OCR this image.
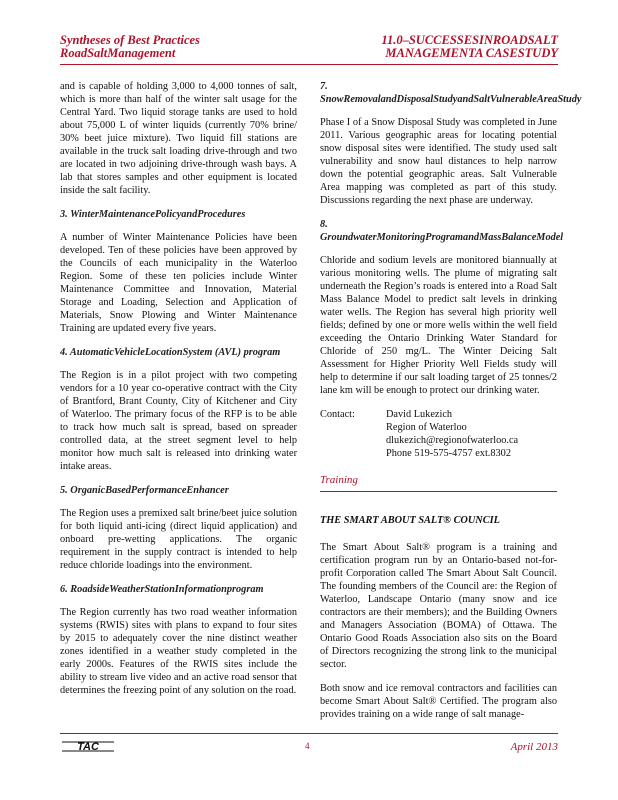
Syntheses of Best Practices
RoadSaltManagement
11.0–SUCCESSESINROADSALT
MANAGEMENTA CASESTUDY

and is capable of holding 3,000 to 4,000 tonnes of salt, which is more than half of the winter salt usage for the Central Yard. Two liquid storage tanks are used to hold about 75,000 L of winter liquids (currently 70% brine/ 30% beet juice mixture). Two liquid fill stations are available in the truck salt loading drive-through and two are located in two adjoining drive-through wash bays. A lab that stores samples and other equipment is located inside the salt facility.

3. WinterMaintenancePolicyandProcedures

A number of Winter Maintenance Policies have been developed. Ten of these policies have been approved by the Councils of each municipality in the Waterloo Region. Some of these ten policies include Winter Maintenance Committee and Innovation, Material Storage and Loading, Selection and Application of Materials, Snow Plowing and Winter Maintenance Training are updated every five years.

4. AutomaticVehicleLocationSystem (AVL) program

The Region is in a pilot project with two competing vendors for a 10 year co-operative contract with the City of Brantford, Brant County, City of Kitchener and City of Waterloo. The primary focus of the RFP is to be able to track how much salt is spread, based on spreader controlled data, at the street segment level to help monitor how much salt is released into drinking water intake areas.

5. OrganicBasedPerformanceEnhancer

The Region uses a premixed salt brine/beet juice solution for both liquid anti-icing (direct liquid application) and onboard pre-wetting applications. The organic requirement in the supply contract is intended to help reduce chloride loadings into the environment.

6. RoadsideWeatherStationInformationprogram

The Region currently has two road weather information systems (RWIS) sites with plans to expand to four sites by 2015 to adequately cover the nine distinct weather zones identified in a weather study completed in the early 2000s. Features of the RWIS sites include the ability to stream live video and an active road sensor that determines the freezing point of any solution on the road.

7. SnowRemovalandDisposalStudyandSaltVulnerableAreaStudy

Phase I of a Snow Disposal Study was completed in June 2011. Various geographic areas for locating potential snow disposal sites were identified. The study used salt vulnerability and snow haul distances to help narrow down the potential geographic areas. Salt Vulnerable Area mapping was completed as part of this study. Discussions regarding the next phase are underway.

8. GroundwaterMonitoringProgramandMassBalanceModel

Chloride and sodium levels are monitored biannually at various monitoring wells. The plume of migrating salt underneath the Region’s roads is entered into a Road Salt Mass Balance Model to predict salt levels in drinking water wells. The Region has several high priority well fields; defined by one or more wells within the well field exceeding the Ontario Drinking Water Standard for Chloride of 250 mg/L. The Winter Deicing Salt Assessment for Higher Priority Well Fields study will help to determine if our salt loading target of 25 tonnes/2 lane km will be enough to protect our drinking water.

Contact:	David Lukezich
Region of Waterloo
dlukezich@regionofwaterloo.ca
Phone 519-575-4757 ext.8302
Training
THE SMART ABOUT SALT® COUNCIL

The Smart About Salt® program is a training and certification program run by an Ontario-based not-for-profit Corporation called The Smart About Salt Council. The founding members of the Council are: the Region of Waterloo, Landscape Ontario (many snow and ice contractors are their members); and the Building Owners and Managers Association (BOMA) of Ottawa. The Ontario Good Roads Association also sits on the Board of Directors recognizing the strong link to the municipal sector.

Both snow and ice removal contractors and facilities can become Smart About Salt® Certified. The program also provides training on a wide range of salt manage-

TAC	4	April 2013
